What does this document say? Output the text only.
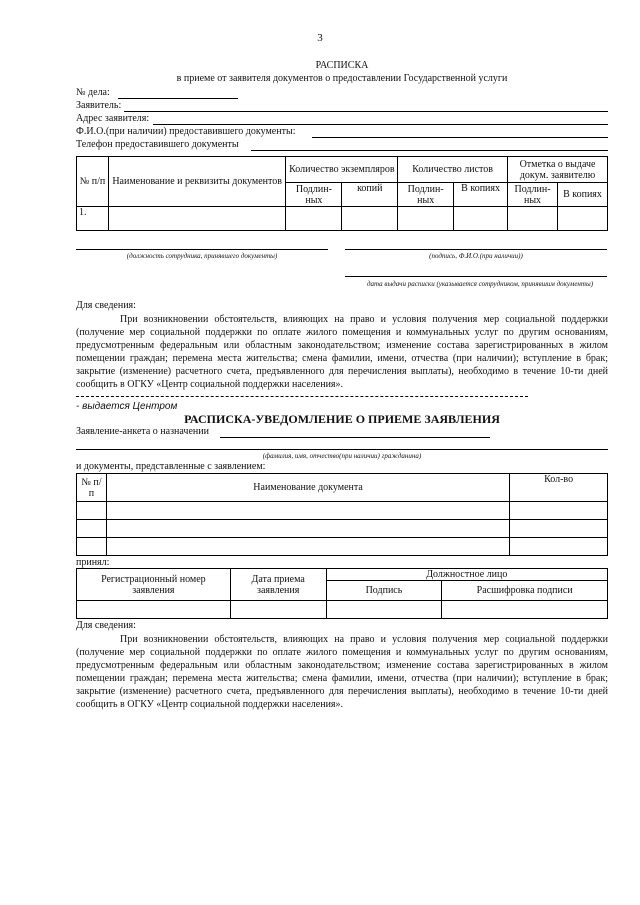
3
РАСПИСКА
в приеме от заявителя документов о предоставлении Государственной услуги
№ дела:
Заявитель:
Адрес заявителя:
Ф.И.О.(при наличии) предоставившего документы:
Телефон предоставившего документы
№ п/п	Наименование и реквизиты документов	Количество экземпляров		Количество листов		Отметка о выдаче докум. заявителю	
		Подлин- ных	копий	Подлин- ных	В копиях	Подлин- ных	В копиях
1.							
(должность сотрудника, принявшего документы)	(подпись, Ф.И.О.(при наличии))
дата выдачи расписки (указывается сотрудником, принявшим документы)
Для сведения:
При возникновении обстоятельств, влияющих на право и условия получения мер социальной поддержки (получение мер социальной поддержки по оплате жилого помещения и коммунальных услуг по другим основаниям, предусмотренным федеральным или областным законодательством; изменение состава зарегистрированных в жилом помещении граждан; перемена места жительства; смена фамилии, имени, отчества (при наличии); вступление в брак; закрытие (изменение) расчетного счета, предъявленного для перечисления выплаты), необходимо в течение 10-ти дней сообщить в ОГКУ «Центр социальной поддержки населения».
- выдается Центром
РАСПИСКА-УВЕДОМЛЕНИЕ О ПРИЕМЕ ЗАЯВЛЕНИЯ
Заявление-анкета о назначении
(фамилия, имя, отчество(при наличии) гражданина)
и документы, представленные с заявлением:
№ п/п	Наименование документа	Кол-во

принял:
Регистрационный номер заявления	Дата приема заявления	Должностное лицо	
		Подпись	Расшифровка подписи

Для сведения:
При возникновении обстоятельств, влияющих на право и условия получения мер социальной поддержки (получение мер социальной поддержки по оплате жилого помещения и коммунальных услуг по другим основаниям, предусмотренным федеральным или областным законодательством; изменение состава зарегистрированных в жилом помещении граждан; перемена места жительства; смена фамилии, имени, отчества (при наличии); вступление в брак; закрытие (изменение) расчетного счета, предъявленного для перечисления выплаты), необходимо в течение 10-ти дней сообщить в ОГКУ «Центр социальной поддержки населения».
